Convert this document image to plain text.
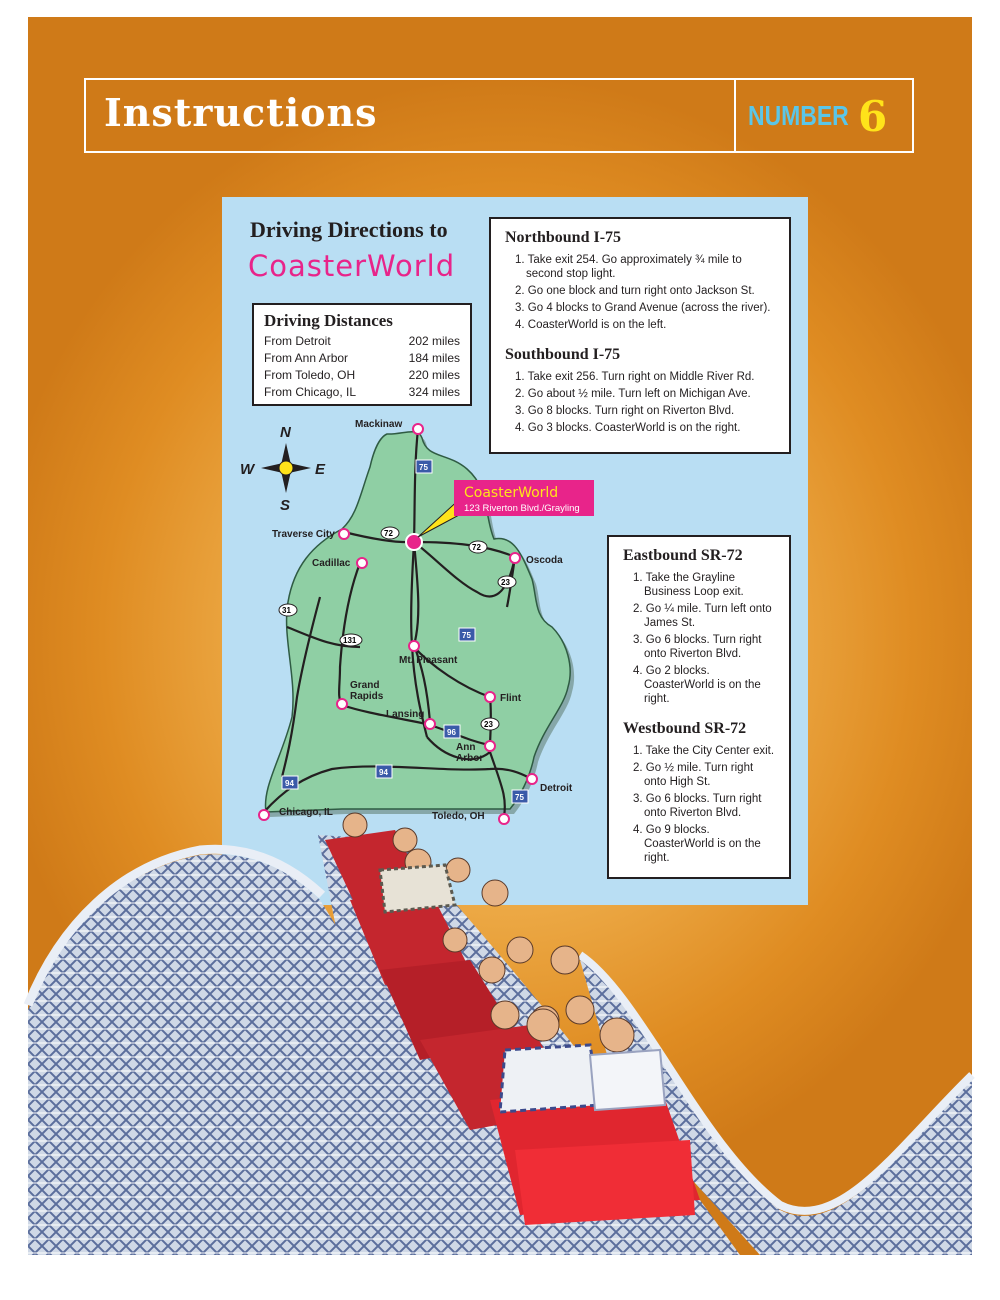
Instructions	NUMBER 6
Driving Directions to
CoasterWorld
Driving Distances
From Detroit	202 miles
From Ann Arbor	184 miles
From Toledo, OH	220 miles
From Chicago, IL	324 miles
Northbound I-75
1. Take exit 254. Go approximately ¾ mile to second stop light.
2. Go one block and turn right onto Jackson St.
3. Go 4 blocks to Grand Avenue (across the river).
4. CoasterWorld is on the left.
Southbound I-75
1. Take exit 256. Turn right on Middle River Rd.
2. Go about ½ mile. Turn left on Michigan Ave.
3. Go 8 blocks. Turn right on Riverton Blvd.
4. Go 3 blocks. CoasterWorld is on the right.
Eastbound SR-72
1. Take the Grayline Business Loop exit.
2. Go ¼ mile. Turn left onto James St.
3. Go 6 blocks. Turn right onto Riverton Blvd.
4. Go 2 blocks. CoasterWorld is on the right.
Westbound SR-72
1. Take the City Center exit.
2. Go ½ mile. Turn right onto High St.
3. Go 6 blocks. Turn right onto Riverton Blvd.
4. Go 9 blocks. CoasterWorld is on the right.
CoasterWorld
123 Riverton Blvd./Grayling
75
72
72
23
31
131
75
96
23
94
94
75
Mackinaw
Traverse City
Cadillac	Oscoda
Mt. Pleasant
Grand
Rapids
Lansing
Flint
Ann
Arbor
Detroit
Chicago, IL	Toledo, OH
N
S
E
W
